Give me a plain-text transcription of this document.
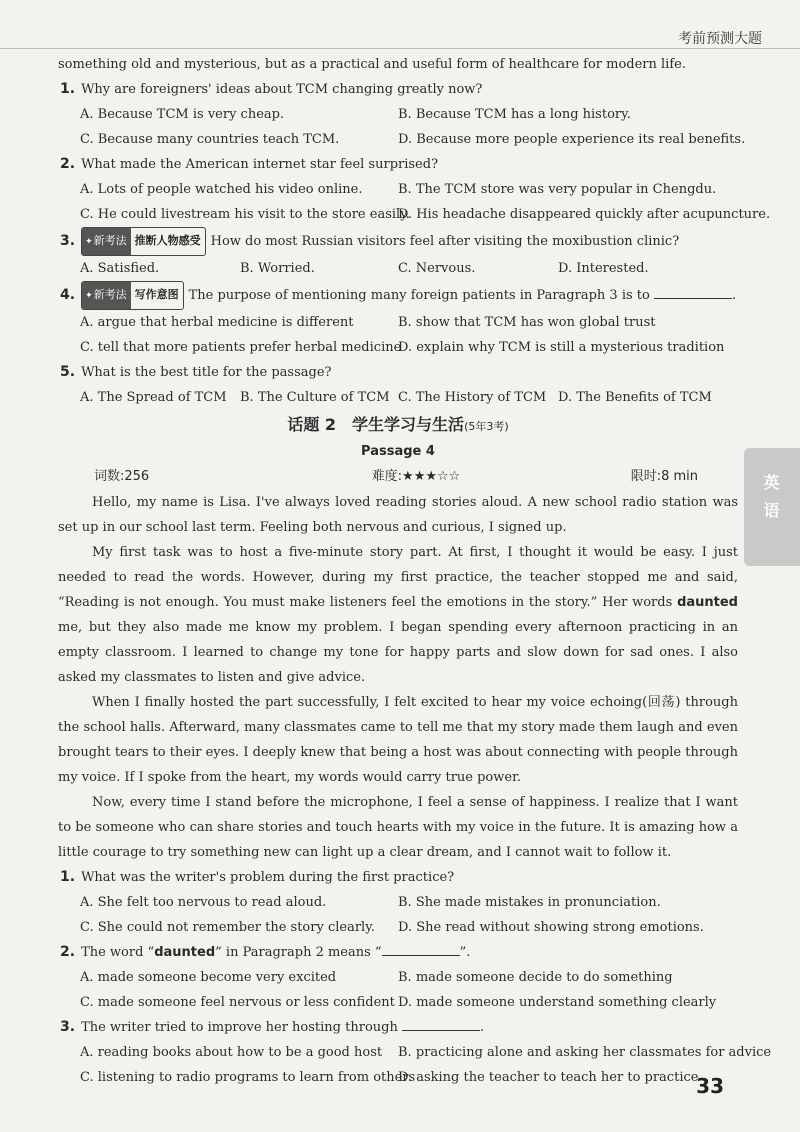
考前预测大题
英语
something old and mysterious, but as a practical and useful form of healthcare for modern life.
1. Why are foreigners' ideas about TCM changing greatly now?
A. Because TCM is very cheap.	B. Because TCM has a long history.
C. Because many countries teach TCM.	D. Because more people experience its real benefits.
2. What made the American internet star feel surprised?
A. Lots of people watched his video online.	B. The TCM store was very popular in Chengdu.
C. He could livestream his visit to the store easily.
D. His headache disappeared quickly after acupuncture.
3. ✦新考法 推断人物感受 How do most Russian visitors feel after visiting the moxibustion clinic?
A. Satisfied.	B. Worried.	C. Nervous.	D. Interested.
4. ✦新考法 写作意图 The purpose of mentioning many foreign patients in Paragraph 3 is to	.
A. argue that herbal medicine is different	B. show that TCM has won global trust
C. tell that more patients prefer herbal medicine
D. explain why TCM is still a mysterious tradition
5. What is the best title for the passage?
A. The Spread of TCM	B. The Culture of TCM C. The History of TCM D. The Benefits of TCM
话题 2　学生学习与生活(5年3考)
Passage 4
词数:256	难度:★★★☆☆	限时:8 min
Hello, my name is Lisa. I've always loved reading stories aloud. A new school radio station was set up in our school last term. Feeling both nervous and curious, I signed up.
My first task was to host a five-minute story part. At first, I thought it would be easy. I just needed to read the words. However, during my first practice, the teacher stopped me and said, “Reading is not enough. You must make listeners feel the emotions in the story.” Her words daunted me, but they also made me know my problem. I began spending every afternoon practicing in an empty classroom. I learned to change my tone for happy parts and slow down for sad ones. I also asked my classmates to listen and give advice.
When I finally hosted the part successfully, I felt excited to hear my voice echoing(回荡) through the school halls. Afterward, many classmates came to tell me that my story made them laugh and even brought tears to their eyes. I deeply knew that being a host was about connecting with people through my voice. If I spoke from the heart, my words would carry true power.
Now, every time I stand before the microphone, I feel a sense of happiness. I realize that I want to be someone who can share stories and touch hearts with my voice in the future. It is amazing how a little courage to try something new can light up a clear dream, and I cannot wait to follow it.
1. What was the writer's problem during the first practice?
A. She felt too nervous to read aloud.	B. She made mistakes in pronunciation.
C. She could not remember the story clearly.	D. She read without showing strong emotions.
2. The word “daunted” in Paragraph 2 means “	”.
A. made someone become very excited	B. made someone decide to do something
C. made someone feel nervous or less confident D. made someone understand something clearly
3. The writer tried to improve her hosting through	.
A. reading books about how to be a good host	B. practicing alone and asking her classmates for advice
C. listening to radio programs to learn from others
D. asking the teacher to teach her to practice
33
